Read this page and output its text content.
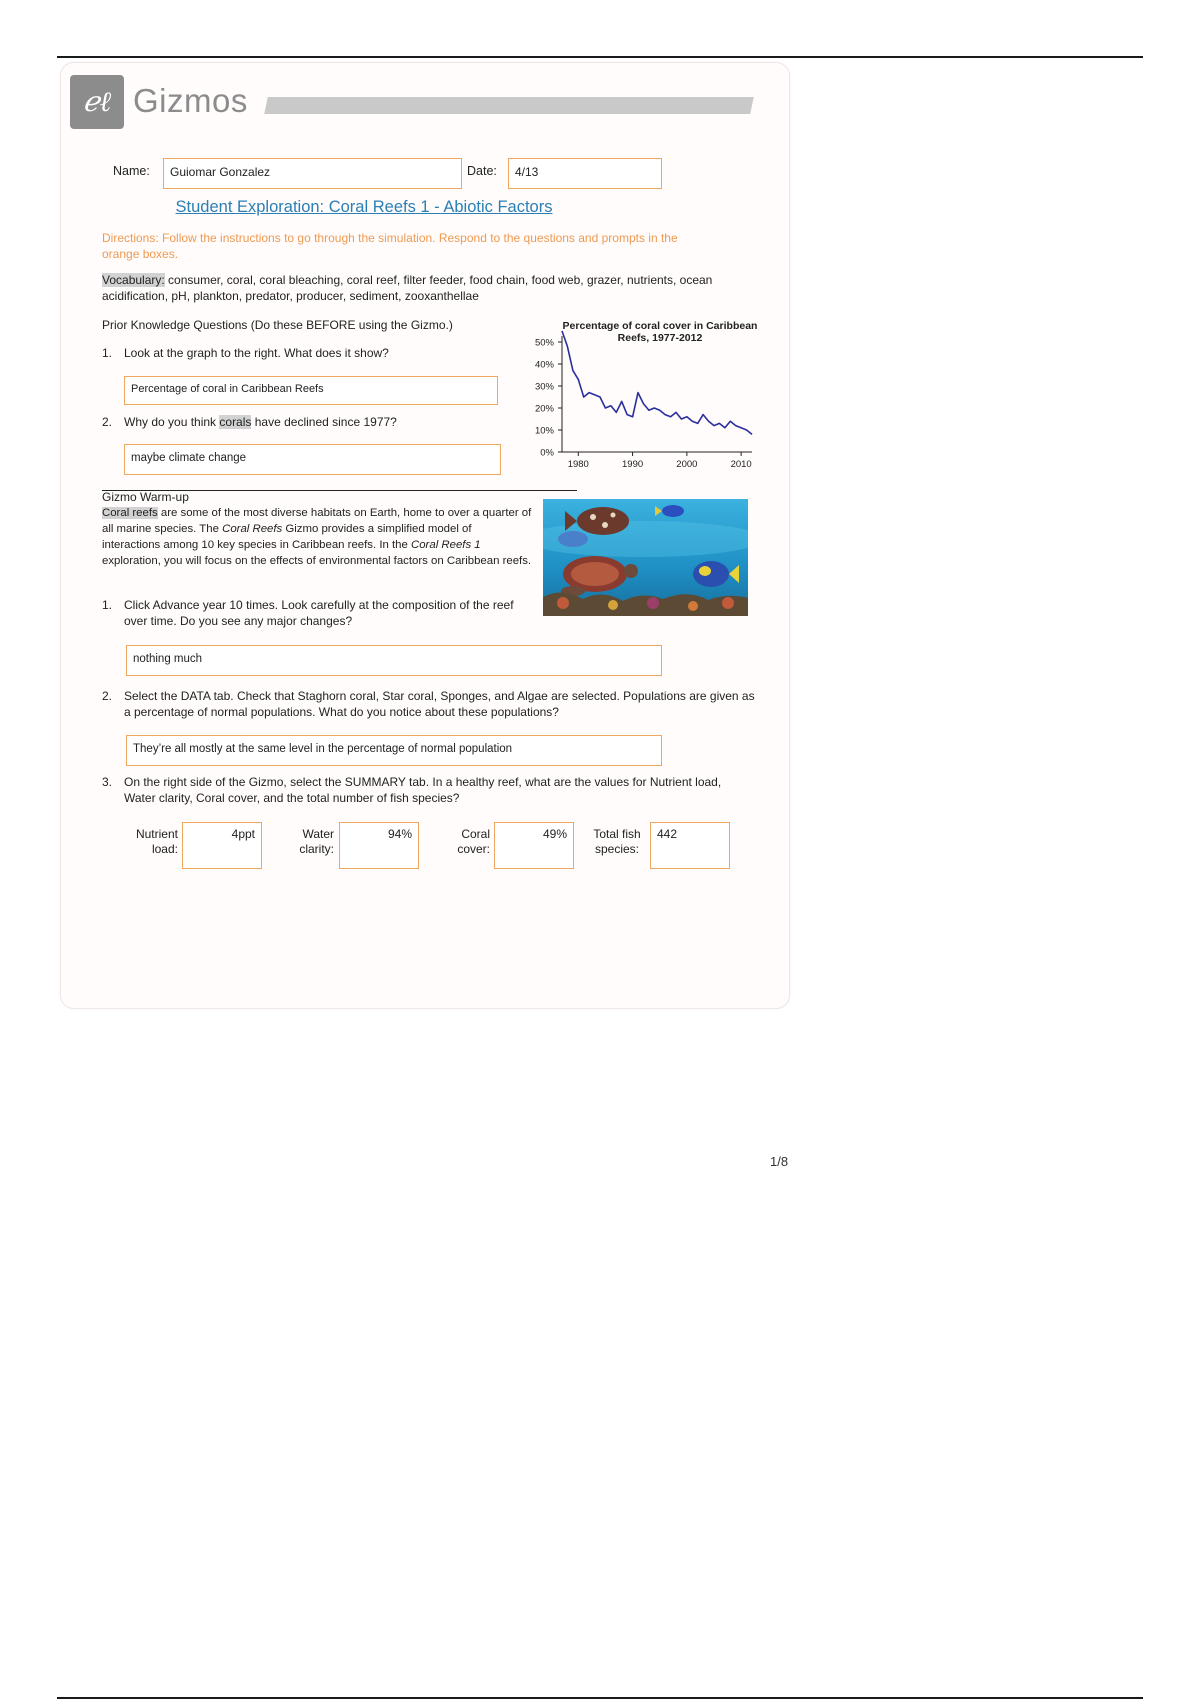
ℯℓ Gizmos
Name:	Guiomar Gonzalez	Date:	4/13
Student Exploration: Coral Reefs 1 - Abiotic Factors
Directions: Follow the instructions to go through the simulation. Respond to the questions and prompts in the orange boxes.
Vocabulary: consumer, coral, coral bleaching, coral reef, filter feeder, food chain, food web, grazer, nutrients, ocean acidification, pH, plankton, predator, producer, sediment, zooxanthellae
Prior Knowledge Questions (Do these BEFORE using the Gizmo.)
1. Look at the graph to the right. What does it show?
Percentage of coral in Caribbean Reefs
2. Why do you think corals have declined since 1977?
maybe climate change
Percentage of coral cover in Caribbean Reefs, 1977-2012
0%
10%
20%
30%
40%
50%
1980	1990	2000	2010
Gizmo Warm-up
Coral reefs are some of the most diverse habitats on Earth, home to over a quarter of all marine species. The Coral Reefs Gizmo provides a simplified model of interactions among 10 key species in Caribbean reefs. In the Coral Reefs 1 exploration, you will focus on the effects of environmental factors on Caribbean reefs.
1. Click Advance year 10 times. Look carefully at the composition of the reef over time. Do you see any major changes?
nothing much
2. Select the DATA tab. Check that Staghorn coral, Star coral, Sponges, and Algae are selected. Populations are given as a percentage of normal populations. What do you notice about these populations?
They’re all mostly at the same level in the percentage of normal population
3. On the right side of the Gizmo, select the SUMMARY tab. In a healthy reef, what are the values for Nutrient load, Water clarity, Coral cover, and the total number of fish species?
Nutrient load:
4ppt	Water clarity:
94%	Coral cover:
49%	Total fish species:
442
1/8
